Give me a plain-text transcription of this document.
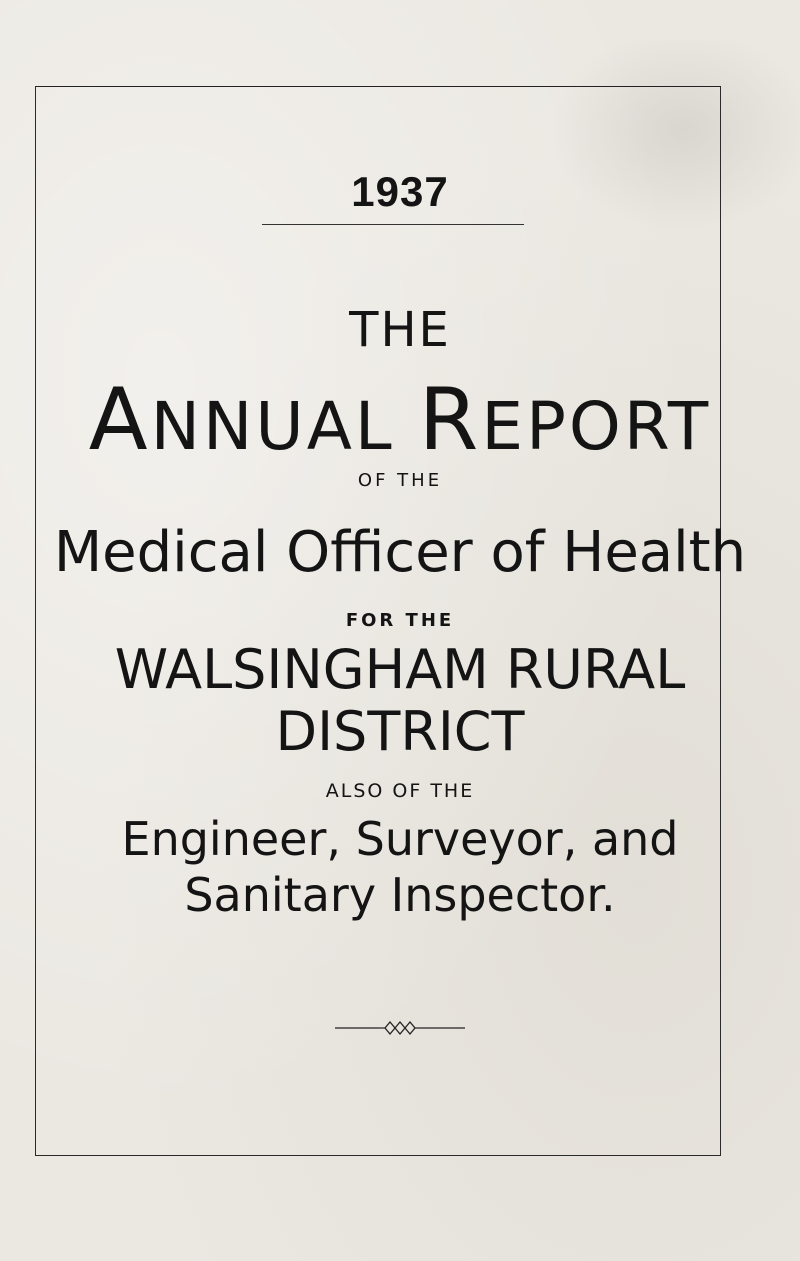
1937
THE
ANNUAL REPORT
OF THE
Medical Officer of Health
FOR THE
WALSINGHAM RURAL
DISTRICT
ALSO OF THE
Engineer, Surveyor, and
Sanitary Inspector.
